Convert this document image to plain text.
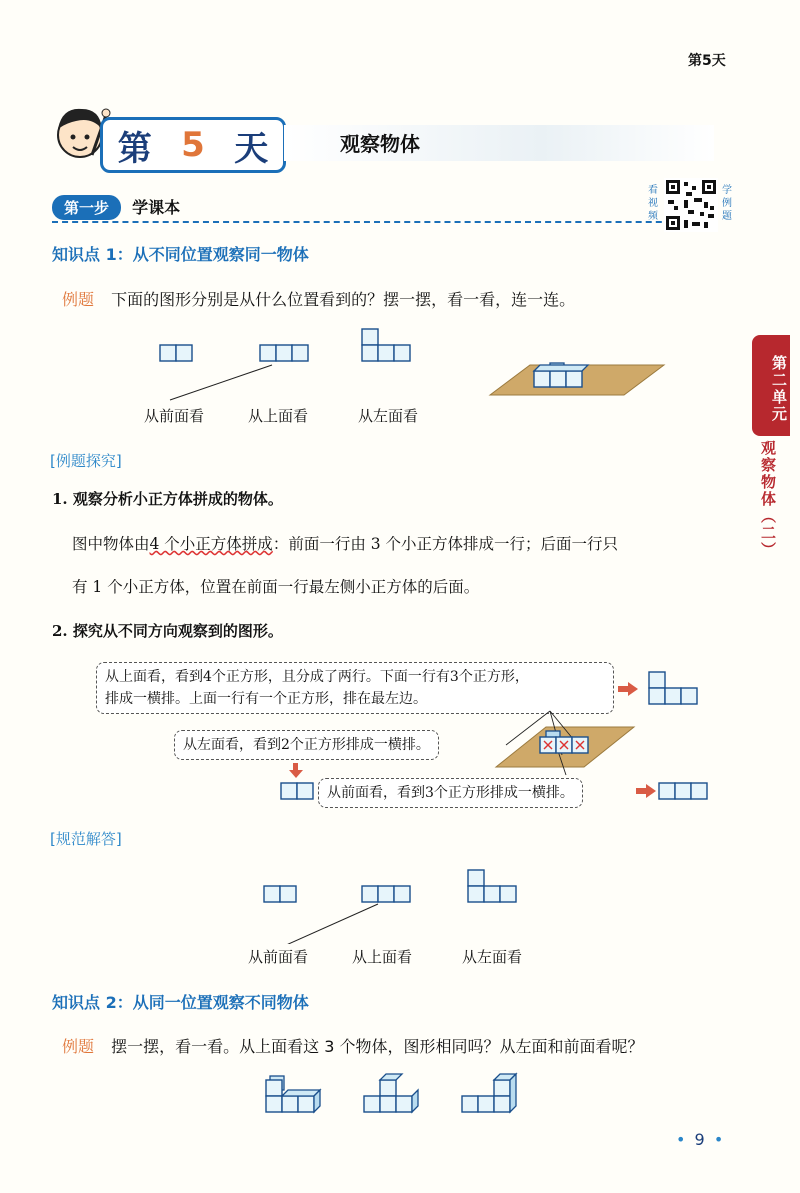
第5天
第 5 天	观察物体
第一步 学课本
看视频
学例题
知识点 1：从不同位置观察同一物体
例题 下面的图形分别是从什么位置看到的？摆一摆，看一看，连一连。
从前面看	从上面看	从左面看
[例题探究]
1. 观察分析小正方体拼成的物体。
图中物体由4 个小正方体拼成：前面一行由 3 个小正方体排成一行；后面一行只
有 1 个小正方体，位置在前面一行最左侧小正方体的后面。
2. 探究从不同方向观察到的图形。
从上面看，看到4个正方形，且分成了两行。下面一行有3个正方形，
排成一横排。上面一行有一个正方形，排在最左边。
从左面看，看到2个正方形排成一横排。
从前面看，看到3个正方形排成一横排。
[规范解答]
从前面看	从上面看	从左面看
知识点 2：从同一位置观察不同物体
例题 摆一摆，看一看。从上面看这 3 个物体，图形相同吗？从左面和前面看呢？
• 9 •
第二单元
观察物体（二）
